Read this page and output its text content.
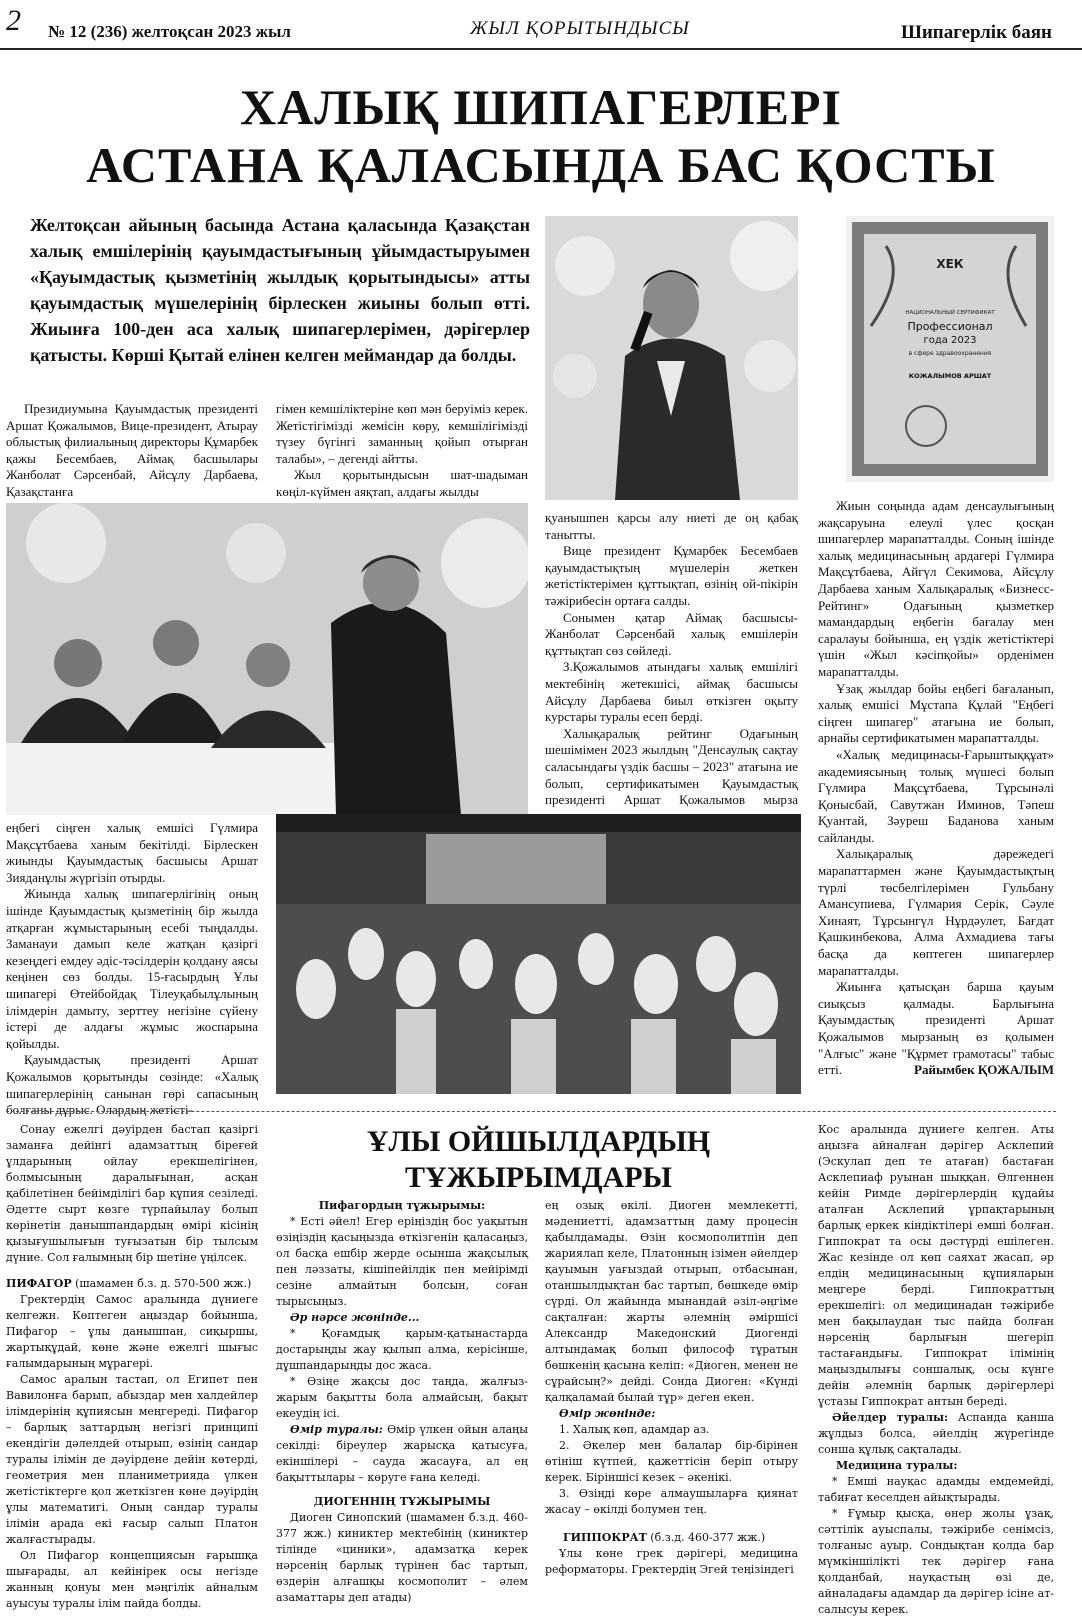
2 № 12 (236) желтоқсан 2023 жыл	ЖЫЛ ҚОРЫТЫНДЫСЫ	Шипагерлік баян
ХАЛЫҚ ШИПАГЕРЛЕРІ
АСТАНА ҚАЛАСЫНДА БАС ҚОСТЫ
Желтоқсан айының басында Астана қаласында Қазақстан халық емшілерінің қауымдастығының ұйымдастыруымен «Қауымдастық қызметінің жылдық қорытындысы» атты қауымдастық мүшелерінің бірлескен жиыны болып өтті. Жиынға 100-ден аса халық шипагерлерімен, дәрігерлер қатысты. Көрші Қытай елінен келген меймандар да болды.
ХЕК
НАЦИОНАЛЬНЫЙ СЕРТИФИКАТ
Профессионал
года 2023
в сфере здравоохранения
КОЖАЛЫМОВ АРШАТ

Президиумына Қауымдастық президенті Аршат Қожалымов, Вице-президент, Атырау облыстық филиалының директоры Құмарбек қажы Бесембаев, Аймақ басшылары Жанболат Сәрсенбай, Айсұлу Дарбаева, Қазақстанға

гімен кемшіліктеріне көп мән беруіміз керек. Жетістігімізді жемісін көру, кемшілігімізді түзеу бүгінгі заманның қойып отырған талабы», – дегенді айтты.

Жыл қорытындысын шат-шадыман көңіл-күймен аяқтап, алдағы жылды

қуанышпен қарсы алу ниеті де оң қабақ танытты.

Вице президент Құмарбек Бесембаев қауымдастықтың мүшелерін жеткен жетістіктерімен құттықтап, өзінің ой-пікірін тәжірибесін ортаға салды.

Сонымен қатар Аймақ басшысы-Жанболат Сәрсенбай халық емшілерін құттықтап сөз сөйледі.

З.Қожалымов атындағы халық емшілігі мектебінің жетекшісі, аймақ басшысы Айсұлу Дарбаева биыл өткізген оқыту курстары туралы есеп берді.

Халықаралық рейтинг Одағының шешімімен 2023 жылдың "Денсаулық сақтау саласындағы үздік басшы – 2023" атағына ие болып, сертификатымен Қауымдастық президенті Аршат Қожалымов мырза

Жиын соңында адам денсаулығының жақсаруына елеулі үлес қосқан шипагерлер марапатталды. Соның ішінде халық медицинасының ардагері Гүлмира Мақсұтбаева, Айгүл Секимова, Айсұлу Дарбаева ханым Халықаралық «Бизнесс-Рейтинг» Одағының қызметкер мамандардың еңбегін бағалау мен саралауы бойынша, ең үздік жетістіктері үшін «Жыл кәсіпқойы» орденімен марапатталды.

Ұзақ жылдар бойы еңбегі бағаланып, халық емшісі Мұстапа Құлай "Еңбегі сіңген шипагер" атағына ие болып, арнайы сертификатымен марапатталды.

«Халық медицинасы-Ғарыштыққұат» академиясының толық мүшесі болып Гүлмира Мақсұтбаева, Тұрсынәлі Қонысбай, Савутжан Иминов, Тәпеш Қуантай, Зәуреш Баданова ханым сайланды.

Халықаралық дәрежедегі марапаттармен және Қауымдастықтың түрлі төсбелгілерімен Гульбану Амансупиева, Гүлмария Серік, Сәуле Хинаят, Тұрсынгүл Нұрдәулет, Бағдат Қашкинбекова, Алма Ахмадиева тағы басқа да көптеген шипагерлер марапатталды.

Жиынға қатысқан барша қауым сиықсыз қалмады. Барлығына Қауымдастық президенті Аршат Қожалымов мырзаның өз қолымен "Алғыс" және "Құрмет грамотасы" табыс етті.	Райымбек ҚОЖАЛЫМ

еңбегі сіңген халық емшісі Гүлмира Мақсұтбаева ханым бекітілді. Бірлескен жиынды Қауымдастық басшысы Аршат Зияданұлы жүргізіп отырды.

Жиында халық шипагерлігінің оның ішінде Қауымдастық қызметінің бір жылда атқарған жұмыстарының есебі тыңдалды. Заманауи дамып келе жатқан қазіргі кезеңдегі емдеу әдіс-тәсілдерін қолдану аясы кеңінен сөз болды. 15-ғасырдың Ұлы шипагері Өтейбойдақ Тілеуқабылұлының ілімдерін дамыту, зерттеу негізіне сүйену істері де алдағы жұмыс жоспарына қойылды.

Қауымдастық президенті Аршат Қожалымов қорытынды сөзінде: «Халық шипагерлерінің санынан гөрі сапасының болғаны дұрыс. Олардың жетісті-

ҰЛЫ ОЙШЫЛДАРДЫҢ
ТҰЖЫРЫМДАРЫ

Сонау ежелгі дәуірден бастап қазіргі заманға дейінгі адамзаттың біреғей ұлдарының ойлау ерекшелігінен, болмысының даралығынан, асқан қабілетінен бейімділігі бар құпия сезіледі. Әдетте сырт көзге түрпайылау болып көрінетін данышпандардың өмірі кісінің қызығушылығын туғызатын бір тылсым дүние. Сол ғалымның бір шетіне үңілсек.

ПИФАГОР (шамамен б.з. д. 570-500 жж.)

Гректердің Самос аралында дүниеге келгежн. Көптеген аңыздар бойынша, Пифагор – ұлы данышпан, сиқыршы, жартықұдай, көне және ежелгі шығыс ғалымдарының мұрагері.

Самос аралын тастап, ол Египет пен Вавилонға барып, абыздар мен халдейлер ілімдерінің құпиясын меңгереді. Пифагор – барлық заттардың негізгі принципі екендігін дәлелдей отырып, өзінің сандар туралы ілімін де дәуірдене дейін көтерді, геометрия мен планиметрияда үлкен жетістіктерге қол жеткізген көне дәуірдің ұлы математигі. Оның сандар туралы ілімін арада екі ғасыр салып Платон жалғастырады.

Ол Пифагор концепциясын ғарышқа шығарады, ал кейінірек осы негізде жанның қонуы мен мәңгілік айналым ауысуы туралы ілім пайда болды.

Пифагордың тұжырымы:

* Есті әйел! Егер еріңіздің бос уақытын өзіңіздің қасыңызда өткізгенін қаласаңыз, ол басқа ешбір жерде осынша жақсылық пен ләззаты, кішіпейілдік пен мейірімді сезіне алмайтын болсын, соған тырысыңыз.

Әр нәрсе жөнінде...

* Қоғамдық қарым-қатынастарда достарыңды жау қылып алма, керісінше, дұшпандарыңды дос жаса.

* Өзіңе жақсы дос таңда, жалғыз-жарым бақытты бола алмайсың, бақыт екеудің ісі.

Өмір туралы: Өмір үлкен ойын алаңы секілді: біреулер жарысқа қатысуға, екіншілері – сауда жасауға, ал ең бақыттылары – көруге ғана келеді.

ДИОГЕННІҢ ТҰЖЫРЫМЫ

Диоген Синопский (шамамен б.з.д. 460-377 жж.) киниктер мектебінің (киниктер тілінде «циники», адамзатқа керек нәрсенің барлық түрінен бас тартып, өздерін алғашқы космополит – әлем азаматтары деп атады)

ең озық өкілі. Диоген мемлекетті, мәдениетті, адамзаттың даму процесін қабылдамады. Өзін космополитпін деп жариялап келе, Платонның ізімен әйелдер қауымын уағыздай отырып, отбасынан, отаншылдықтан бас тартып, бөшкеде өмір сүрді. Ол жайында мынандай әзіл-әңгіме сақталған: жарты әлемнің әміршісі Александр Македонский Диогенді алтындамақ болып философ тұратын бөшкенің қасына келіп: «Диоген, менен не сұрайсың?» дейді. Сонда Диоген: «Күнді қалқаламай былай тұр» деген екен.

Өмір жөнінде:

1. Халық көп, адамдар аз.

2. Әкелер мен балалар бір-бірінен өтініш күтпей, қажеттісін беріп отыру керек. Біріншісі кезек – әкенікі.

3. Өзіңді көре алмаушыларға қиянат жасау – өкілді болумен тең.

ГИППОКРАТ (б.з.д. 460-377 жж.)

Ұлы көне грек дәрігері, медицина реформаторы. Гректердің Эгей теңізіндегі

Кос аралында дүниеге келген. Аты аңызға айналған дәрігер Асклепий (Эскулап деп те атаған) бастаған Асклепиаф руынан шыққан. Өлгеннен кейін Римде дәрігерлердің құдайы аталған Асклепий ұрпақтарының барлық еркек кіндіктілері емші болған. Гиппократ та осы дәстүрді ешілеген. Жас кезінде ол көп саяхат жасап, әр елдің медицинасының құпияларын меңгере берді. Гиппократтың ерекшелігі: ол медицинадан тәжірибе мен бақылаудан тыс пайда болған нәрсенің барлығын шегеріп тастағандығы. Гиппократ ілімінің маңыздылығы соншалық, осы күнге дейін әлемнің барлық дәрігерлері ұстазы Гиппократ антын береді.

Әйелдер туралы: Аспанда қанша жұлдыз болса, әйелдің жүрегінде сонша құлық сақталады.

Медицина туралы:

* Емші науқас адамды емдемейді, табиғат кеселден айықтырады.

* Ғұмыр қысқа, өнер жолы ұзақ, сәттілік ауыспалы, тәжірибе сенімсіз, толғаныс ауыр. Сондықтан қолда бар мүмкіншілікті тек дәрігер ғана қолданбай, науқастың өзі де, айналадағы адамдар да дәрігер ісіне ат-салысуы керек.
